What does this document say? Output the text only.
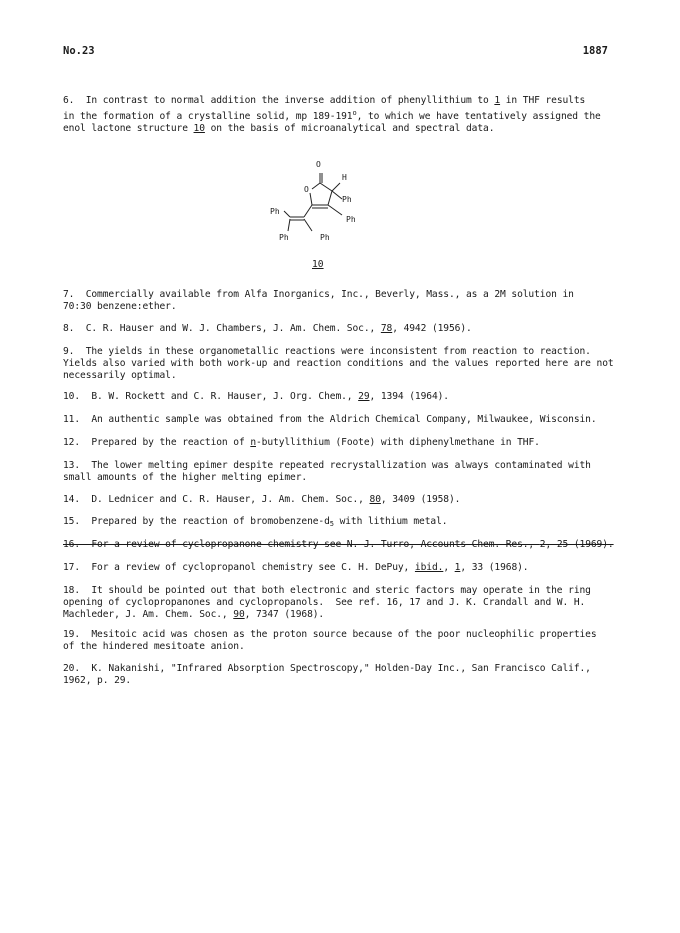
No.23	1887
6.  In contrast to normal addition the inverse addition of phenyllithium to 1 in THF results
in the formation of a crystalline solid, mp 189-191$^o$, to which we have tentatively assigned the
enol lactone structure 10 on the basis of microanalytical and spectral data.
O
O
H
Ph
Ph
Ph
Ph	Ph
10
7.  Commercially available from Alfa Inorganics, Inc., Beverly, Mass., as a 2M solution in
70:30 benzene:ether.
8.  C. R. Hauser and W. J. Chambers, J. Am. Chem. Soc., 78, 4942 (1956).
9.  The yields in these organometallic reactions were inconsistent from reaction to reaction.
Yields also varied with both work-up and reaction conditions and the values reported here are not
necessarily optimal.
10.  B. W. Rockett and C. R. Hauser, J. Org. Chem., 29, 1394 (1964).
11.  An authentic sample was obtained from the Aldrich Chemical Company, Milwaukee, Wisconsin.
12.  Prepared by the reaction of n-butyllithium (Foote) with diphenylmethane in THF.
13.  The lower melting epimer despite repeated recrystallization was always contaminated with
small amounts of the higher melting epimer.
14.  D. Lednicer and C. R. Hauser, J. Am. Chem. Soc., 80, 3409 (1958).
15.  Prepared by the reaction of bromobenzene-$d_5$ with lithium metal.
16.  For a review of cyclopropanone chemistry see N. J. Turro, Accounts Chem. Res., 2, 25 (1969).
17.  For a review of cyclopropanol chemistry see C. H. DePuy, ibid., 1, 33 (1968).
18.  It should be pointed out that both electronic and steric factors may operate in the ring
opening of cyclopropanones and cyclopropanols.  See ref. 16, 17 and J. K. Crandall and W. H.
Machleder, J. Am. Chem. Soc., 90, 7347 (1968).
19.  Mesitoic acid was chosen as the proton source because of the poor nucleophilic properties
of the hindered mesitoate anion.
20.  K. Nakanishi, "Infrared Absorption Spectroscopy," Holden-Day Inc., San Francisco Calif.,
1962, p. 29.
